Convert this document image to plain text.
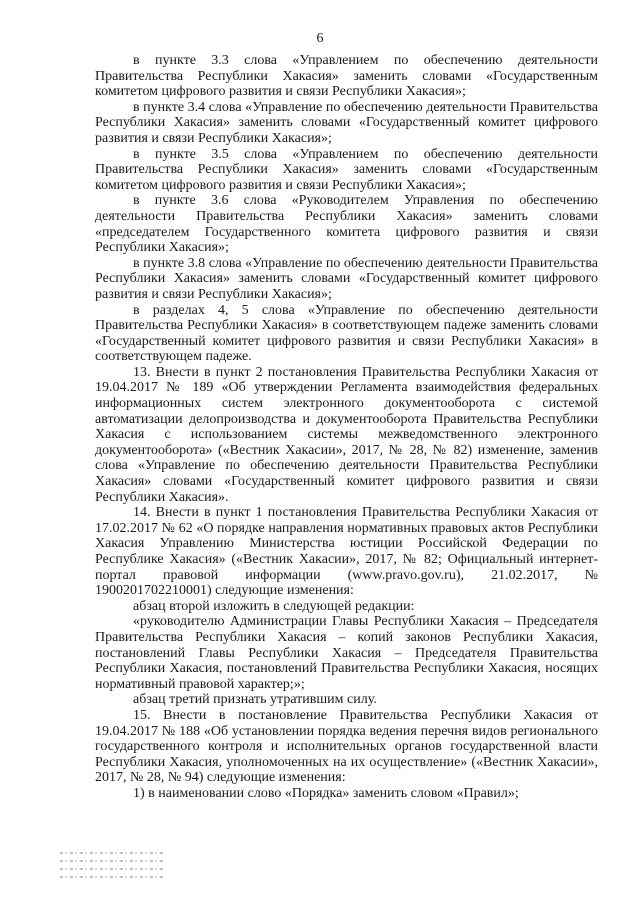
6

в пункте 3.3 слова «Управлением по обеспечению деятельности Правительства Республики Хакасия» заменить словами «Государственным комитетом цифрового развития и связи Республики Хакасия»;

в пункте 3.4 слова «Управление по обеспечению деятельности Правительства Республики Хакасия» заменить словами «Государственный комитет цифрового развития и связи Республики Хакасия»;

в пункте 3.5 слова «Управлением по обеспечению деятельности Правительства Республики Хакасия» заменить словами «Государственным комитетом цифрового развития и связи Республики Хакасия»;

в пункте 3.6 слова «Руководителем Управления по обеспечению деятельности Правительства Республики Хакасия» заменить словами «председателем Государственного комитета цифрового развития и связи Республики Хакасия»;

в пункте 3.8 слова «Управление по обеспечению деятельности Правительства Республики Хакасия» заменить словами «Государственный комитет цифрового развития и связи Республики Хакасия»;

в разделах 4, 5 слова «Управление по обеспечению деятельности Правительства Республики Хакасия» в соответствующем падеже заменить словами «Государственный комитет цифрового развития и связи Республики Хакасия» в соответствующем падеже.

13. Внести в пункт 2 постановления Правительства Республики Хакасия от 19.04.2017 № 189 «Об утверждении Регламента взаимодействия федеральных информационных систем электронного документооборота с системой автоматизации делопроизводства и документооборота Правительства Республики Хакасия с использованием системы межведомственного электронного документооборота» («Вестник Хакасии», 2017, № 28, № 82) изменение, заменив слова «Управление по обеспечению деятельности Правительства Республики Хакасия» словами «Государственный комитет цифрового развития и связи Республики Хакасия».

14. Внести в пункт 1 постановления Правительства Республики Хакасия от 17.02.2017 № 62 «О порядке направления нормативных правовых актов Республики Хакасия Управлению Министерства юстиции Российской Федерации по Республике Хакасия» («Вестник Хакасии», 2017, № 82; Официальный интернет-портал правовой информации (www.pravo.gov.ru), 21.02.2017, № 1900201702210001) следующие изменения:

абзац второй изложить в следующей редакции:

«руководителю Администрации Главы Республики Хакасия – Председателя Правительства Республики Хакасия – копий законов Республики Хакасия, постановлений Главы Республики Хакасия – Председателя Правительства Республики Хакасия, постановлений Правительства Республики Хакасия, носящих нормативный правовой характер;»;

абзац третий признать утратившим силу.

15. Внести в постановление Правительства Республики Хакасия от 19.04.2017 № 188 «Об установлении порядка ведения перечня видов регионального государственного контроля и исполнительных органов государственной власти Республики Хакасия, уполномоченных на их осуществление» («Вестник Хакасии», 2017, № 28, № 94) следующие изменения:

1) в наименовании слово «Порядка» заменить словом «Правил»;
